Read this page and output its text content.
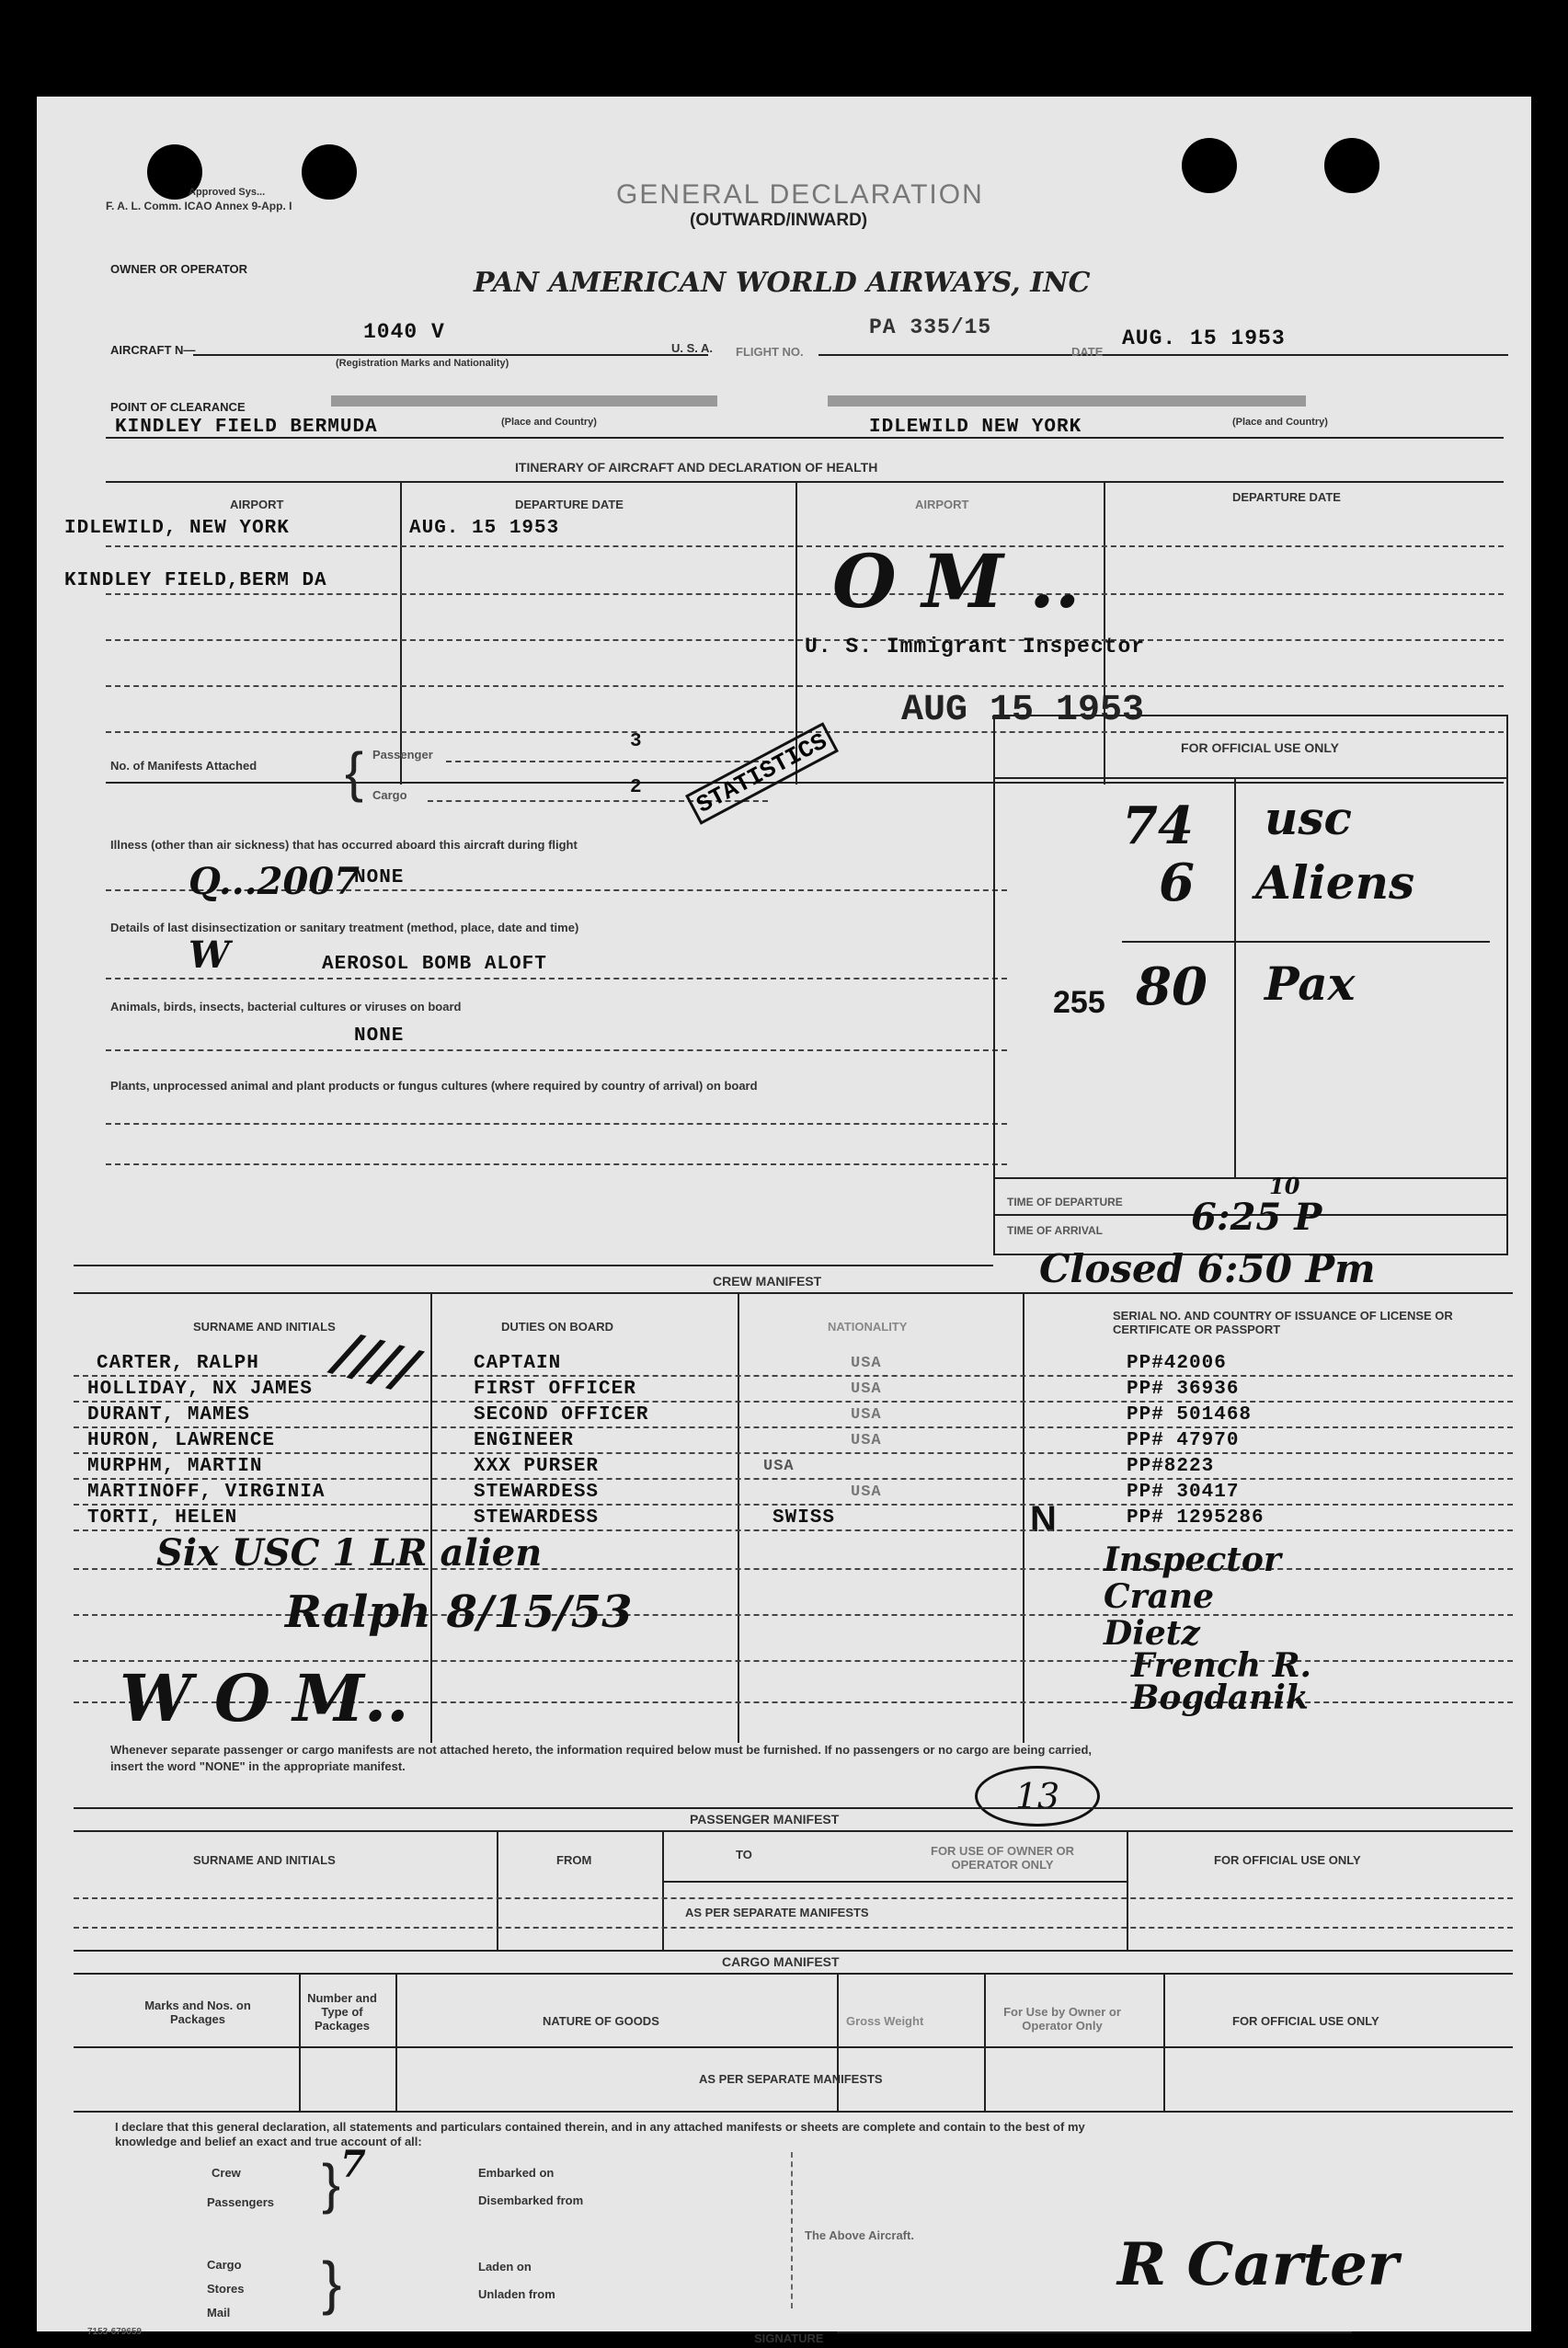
Approved Sys...
F. A. L. Comm. ICAO Annex 9-App. I	GENERAL DECLARATION
(OUTWARD/INWARD)
OWNER OR OPERATOR	PAN AMERICAN WORLD AIRWAYS, INC
AIRCRAFT N—
1040 V
(Registration Marks and Nationality)
U. S. A. FLIGHT NO.
PA 335/15
DATE
AUG. 15 1953
POINT OF CLEARANCE
KINDLEY FIELD BERMUDA	(Place and Country)	IDLEWILD NEW YORK	(Place and Country)
ITINERARY OF AIRCRAFT AND DECLARATION OF HEALTH
AIRPORT	DEPARTURE DATE	AIRPORT
DEPARTURE DATE
IDLEWILD, NEW YORK	AUG. 15 1953
KINDLEY FIELD,BERM DA	O M ..
U. S. Immigrant Inspector
AUG 15 1953
No. of Manifests Attached { Passenger
3
Cargo	2 STATISTICS
Illness (other than air sickness) that has occurred aboard this aircraft during flight
NONE
Q...2007
Details of last disinsectization or sanitary treatment (method, place, date and time)
AEROSOL BOMB ALOFT
W
Animals, birds, insects, bacterial cultures or viruses on board
NONE
Plants, unprocessed animal and plant products or fungus cultures (where required by country of arrival) on board
FOR OFFICIAL USE ONLY
74 usc
6 Aliens
255 80 Pax
TIME OF DEPARTURE
10
TIME OF ARRIVAL 6:25 P
Closed 6:50 Pm
CREW MANIFEST
SURNAME AND INITIALS	DUTIES ON BOARD	NATIONALITY
SERIAL NO. AND COUNTRY OF ISSUANCE OF LICENSE OR CERTIFICATE OR PASSPORT
CARTER, RALPH	CAPTAIN	USA	PP#42006
HOLLIDAY, NX JAMES	FIRST OFFICER	USA	PP# 36936
DURANT, MAMES	SECOND OFFICER	USA	PP# 501468
HURON, LAWRENCE	ENGINEER	USA	PP# 47970
MURPHM, MARTIN	XXX PURSER	USA	PP#8223
MARTINOFF, VIRGINIA	STEWARDESS	USA	PP# 30417
TORTI, HELEN	STEWARDESS	SWISS	N	PP# 1295286
////
Six USC 1 LR alien
Ralph 8/15/53
W O M..
Inspector
Crane
Dietz
French R.
Bogdanik
Whenever separate passenger or cargo manifests are not attached hereto, the information required below must be furnished. If no passengers or no cargo are being carried,
insert the word "NONE" in the appropriate manifest.
13
PASSENGER MANIFEST
SURNAME AND INITIALS	FROM	TO	FOR USE OF OWNER OR OPERATOR ONLY	FOR OFFICIAL USE ONLY
AS PER SEPARATE MANIFESTS
CARGO MANIFEST
Marks and Nos. on Packages
Number and Type of Packages	NATURE OF GOODS	Gross Weight
For Use by Owner or Operator Only	FOR OFFICIAL USE ONLY
AS PER SEPARATE MANIFESTS
I declare that this general declaration, all statements and particulars contained therein, and in any attached manifests or sheets are complete and contain to the best of my
knowledge and belief an exact and true account of all:
Crew } 7
Passengers
Embarked on
Disembarked from
Cargo
Stores
Mail }	Laden on
Unladen from
The Above Aircraft.
SIGNATURE
R Carter
7153-679659
